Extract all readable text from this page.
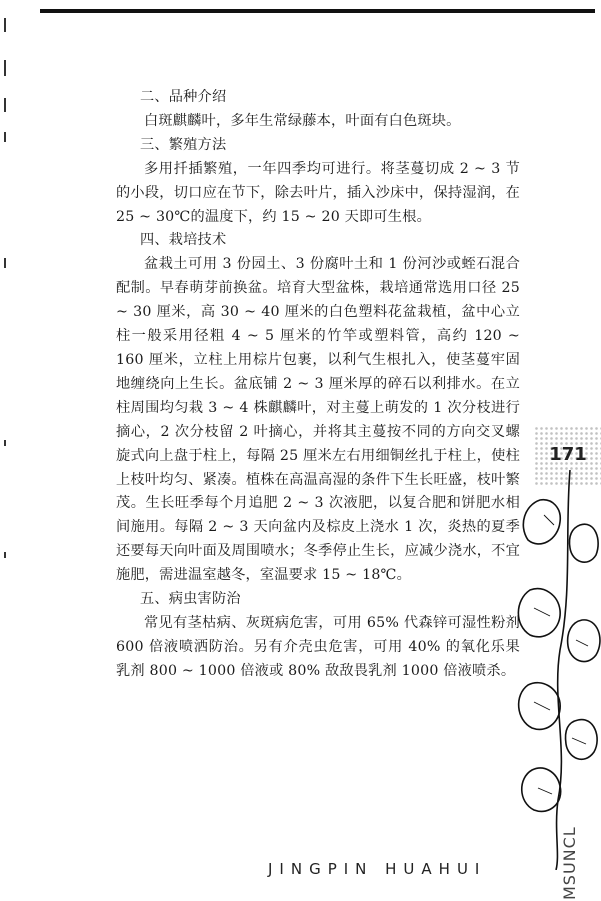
二、品种介绍

白斑麒麟叶，多年生常绿藤本，叶面有白色斑块。

三、繁殖方法

多用扦插繁殖，一年四季均可进行。将茎蔓切成 2 ~ 3 节的小段，切口应在节下，除去叶片，插入沙床中，保持湿润，在 25 ~ 30℃的温度下，约 15 ~ 20 天即可生根。

四、栽培技术

盆栽土可用 3 份园土、3 份腐叶土和 1 份河沙或蛭石混合配制。早春萌芽前换盆。培育大型盆株，栽培通常选用口径 25 ~ 30 厘米，高 30 ~ 40 厘米的白色塑料花盆栽植，盆中心立柱一般采用径粗 4 ~ 5 厘米的竹竿或塑料管，高约 120 ~ 160 厘米，立柱上用棕片包裹，以利气生根扎入，使茎蔓牢固地缠绕向上生长。盆底铺 2 ~ 3 厘米厚的碎石以利排水。在立柱周围均匀栽 3 ~ 4 株麒麟叶，对主蔓上萌发的 1 次分枝进行摘心，2 次分枝留 2 叶摘心，并将其主蔓按不同的方向交叉螺旋式向上盘于柱上，每隔 25 厘米左右用细铜丝扎于柱上，使柱上枝叶均匀、紧凑。植株在高温高湿的条件下生长旺盛，枝叶繁茂。生长旺季每个月追肥 2 ~ 3 次液肥，以复合肥和饼肥水相间施用。每隔 2 ~ 3 天向盆内及棕皮上浇水 1 次，炎热的夏季还要每天向叶面及周围喷水；冬季停止生长，应减少浇水，不宜施肥，需进温室越冬，室温要求 15 ~ 18℃。

五、病虫害防治

常见有茎枯病、灰斑病危害，可用 65% 代森锌可湿性粉剂 600 倍液喷洒防治。另有介壳虫危害，可用 40% 的氧化乐果乳剂 800 ~ 1000 倍液或 80% 敌敌畏乳剂 1000 倍液喷杀。

171
JINGPIN HUAHUI	MSUNCL
